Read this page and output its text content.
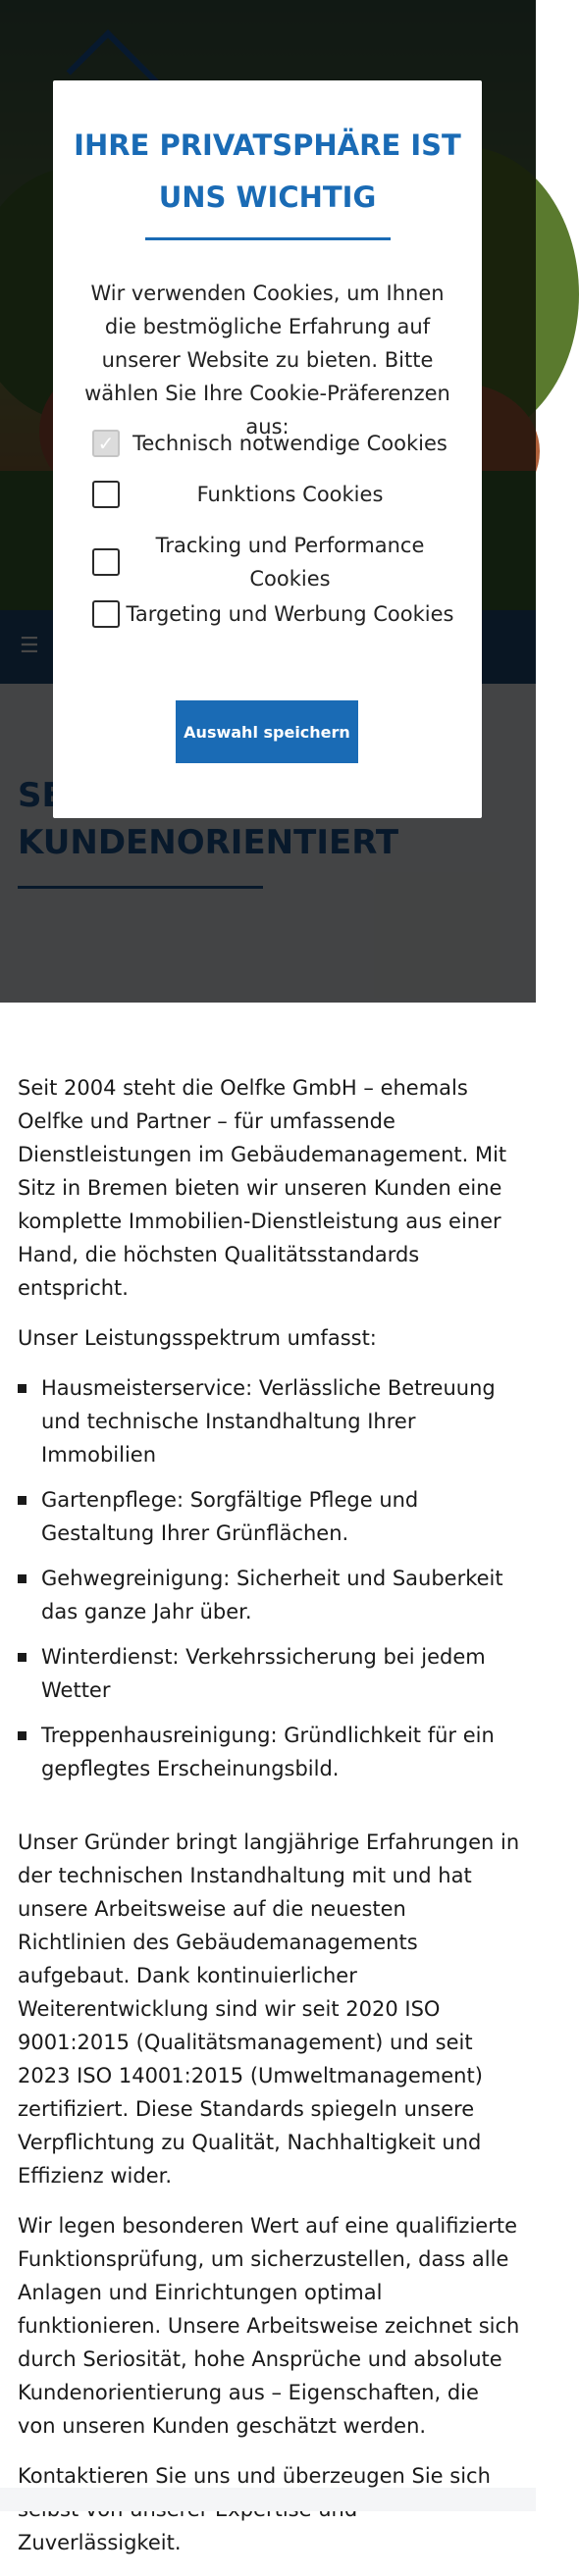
IHRE PRIVATSPHÄRE IST UNS WICHTIG

Wir verwenden Cookies, um Ihnen die bestmögliche Erfahrung auf unserer Website zu bieten. Bitte wählen Sie Ihre Cookie-Präferenzen aus:

✓ Technisch notwendige Cookies
Funktions Cookies
Tracking und Performance Cookies
Targeting und Werbung Cookies
Auswahl speichern

Seit 2004 steht die Oelfke GmbH – ehemals Oelfke und Partner – für umfassende Dienstleistungen im Gebäudemanagement. Mit Sitz in Bremen bieten wir unseren Kunden eine komplette Immobilien-Dienstleistung aus einer Hand, die höchsten Qualitätsstandards entspricht.

Unser Leistungsspektrum umfasst:

Hausmeisterservice: Verlässliche Betreuung und technische Instandhaltung Ihrer Immobilien
Gartenpflege: Sorgfältige Pflege und Gestaltung Ihrer Grünflächen.
Gehwegreinigung: Sicherheit und Sauberkeit das ganze Jahr über.
Winterdienst: Verkehrssicherung bei jedem Wetter
Treppenhausreinigung: Gründlichkeit für ein gepflegtes Erscheinungsbild.

Unser Gründer bringt langjährige Erfahrungen in der technischen Instandhaltung mit und hat unsere Arbeitsweise auf die neuesten Richtlinien des Gebäudemanagements aufgebaut. Dank kontinuierlicher Weiterentwicklung sind wir seit 2020 ISO 9001:2015 (Qualitätsmanagement) und seit 2023 ISO 14001:2015 (Umweltmanagement) zertifiziert. Diese Standards spiegeln unsere Verpflichtung zu Qualität, Nachhaltigkeit und Effizienz wider.

Wir legen besonderen Wert auf eine qualifizierte Funktionsprüfung, um sicherzustellen, dass alle Anlagen und Einrichtungen optimal funktionieren. Unsere Arbeitsweise zeichnet sich durch Seriosität, hohe Ansprüche und absolute Kundenorientierung aus – Eigenschaften, die von unseren Kunden geschätzt werden.

Kontaktieren Sie uns und überzeugen Sie sich Zuverlässigkeit.
